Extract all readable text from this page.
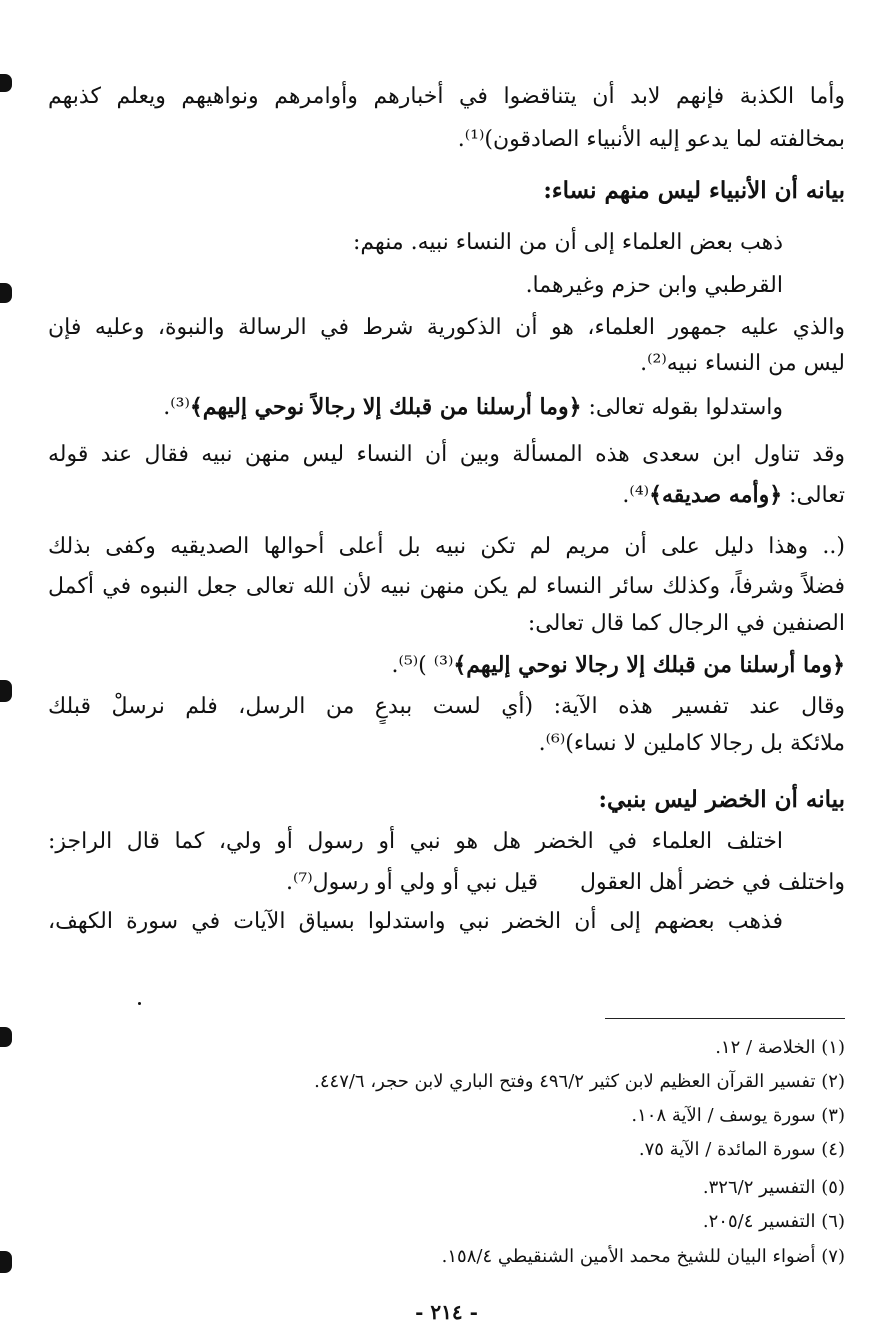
وأما الكذبة فإنهم لابد أن يتناقضوا في أخبارهم وأوامرهم ونواهيهم ويعلم كذبهم
بمخالفته لما يدعو إليه الأنبياء الصادقون)⁽¹⁾.
بيانه أن الأنبياء ليس منهم نساء:
ذهب بعض العلماء إلى أن من النساء نبيه. منهم:
القرطبي وابن حزم وغيرهما.
والذي عليه جمهور العلماء، هو أن الذكورية شرط في الرسالة والنبوة، وعليه فإن
ليس من النساء نبيه⁽²⁾.
واستدلوا بقوله تعالى: ﴿وما أرسلنا من قبلك إلا رجالاً نوحي إليهم﴾⁽³⁾.
وقد تناول ابن سعدى هذه المسألة وبين أن النساء ليس منهن نبيه فقال عند قوله
تعالى: ﴿وأمه صديقه﴾⁽⁴⁾.
(.. وهذا دليل على أن مريم لم تكن نبيه بل أعلى أحوالها الصديقيه وكفى بذلك
فضلاً وشرفاً، وكذلك سائر النساء لم يكن منهن نبيه لأن الله تعالى جعل النبوه في أكمل
الصنفين في الرجال كما قال تعالى:
﴿وما أرسلنا من قبلك إلا رجالا نوحي إليهم﴾⁽³⁾ )⁽⁵⁾.
وقال عند تفسير هذه الآية: (أي لست ببدعٍ من الرسل، فلم نرسلْ قبلك
ملائكة بل رجالا كاملين لا نساء)⁽⁶⁾.
بيانه أن الخضر ليس بنبي:
اختلف العلماء في الخضر هل هو نبي أو رسول أو ولي، كما قال الراجز:
واختلف في خضر أهل العقول  قيل نبي أو ولي أو رسول⁽⁷⁾.
فذهب بعضهم إلى أن الخضر نبي واستدلوا بسياق الآيات في سورة الكهف،
(١) الخلاصة / ١٢.
(٢) تفسير القرآن العظيم لابن كثير ٤٩٦/٢ وفتح الباري لابن حجر، ٤٤٧/٦.
(٣) سورة يوسف / الآية ١٠٨.
(٤) سورة المائدة / الآية ٧٥.
(٥) التفسير ٣٢٦/٢.
(٦) التفسير ٢٠٥/٤.
(٧) أضواء البيان للشيخ محمد الأمين الشنقيطي ١٥٨/٤.
- ٢١٤ -
